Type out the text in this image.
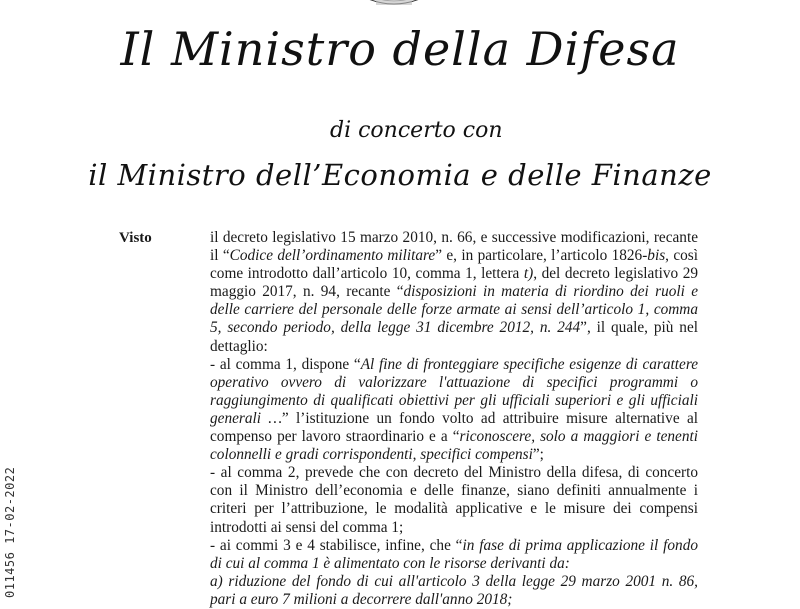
Il Ministro della Difesa
di concerto con
il Ministro dell’Economia e delle Finanze
Visto	il decreto legislativo 15 marzo 2010, n. 66, e successive modificazioni, recante il “Codice dell’ordinamento militare” e, in particolare, l’articolo 1826-bis, così come introdotto dall’articolo 10, comma 1, lettera t), del decreto legislativo 29 maggio 2017, n. 94, recante “disposizioni in materia di riordino dei ruoli e delle carriere del personale delle forze armate ai sensi dell’articolo 1, comma 5, secondo periodo, della legge 31 dicembre 2012, n. 244”, il quale, più nel dettaglio:

- al comma 1, dispone “Al fine di fronteggiare specifiche esigenze di carattere operativo ovvero di valorizzare l'attuazione di specifici programmi o raggiungimento di qualificati obiettivi per gli ufficiali superiori e gli ufficiali generali …” l’istituzione un fondo volto ad attribuire misure alternative al compenso per lavoro straordinario e a “riconoscere, solo a maggiori e tenenti colonnelli e gradi corrispondenti, specifici compensi”;

- al comma 2, prevede che con decreto del Ministro della difesa, di concerto con il Ministro dell’economia e delle finanze, siano definiti annualmente i criteri per l’attribuzione, le modalità applicative e le misure dei compensi introdotti ai sensi del comma 1;

- ai commi 3 e 4 stabilisce, infine, che “in fase di prima applicazione il fondo di cui al comma 1 è alimentato con le risorse derivanti da:

a) riduzione del fondo di cui all'articolo 3 della legge 29 marzo 2001 n. 86, pari a euro 7 milioni a decorrere dall'anno 2018;

011456 17-02-2022
